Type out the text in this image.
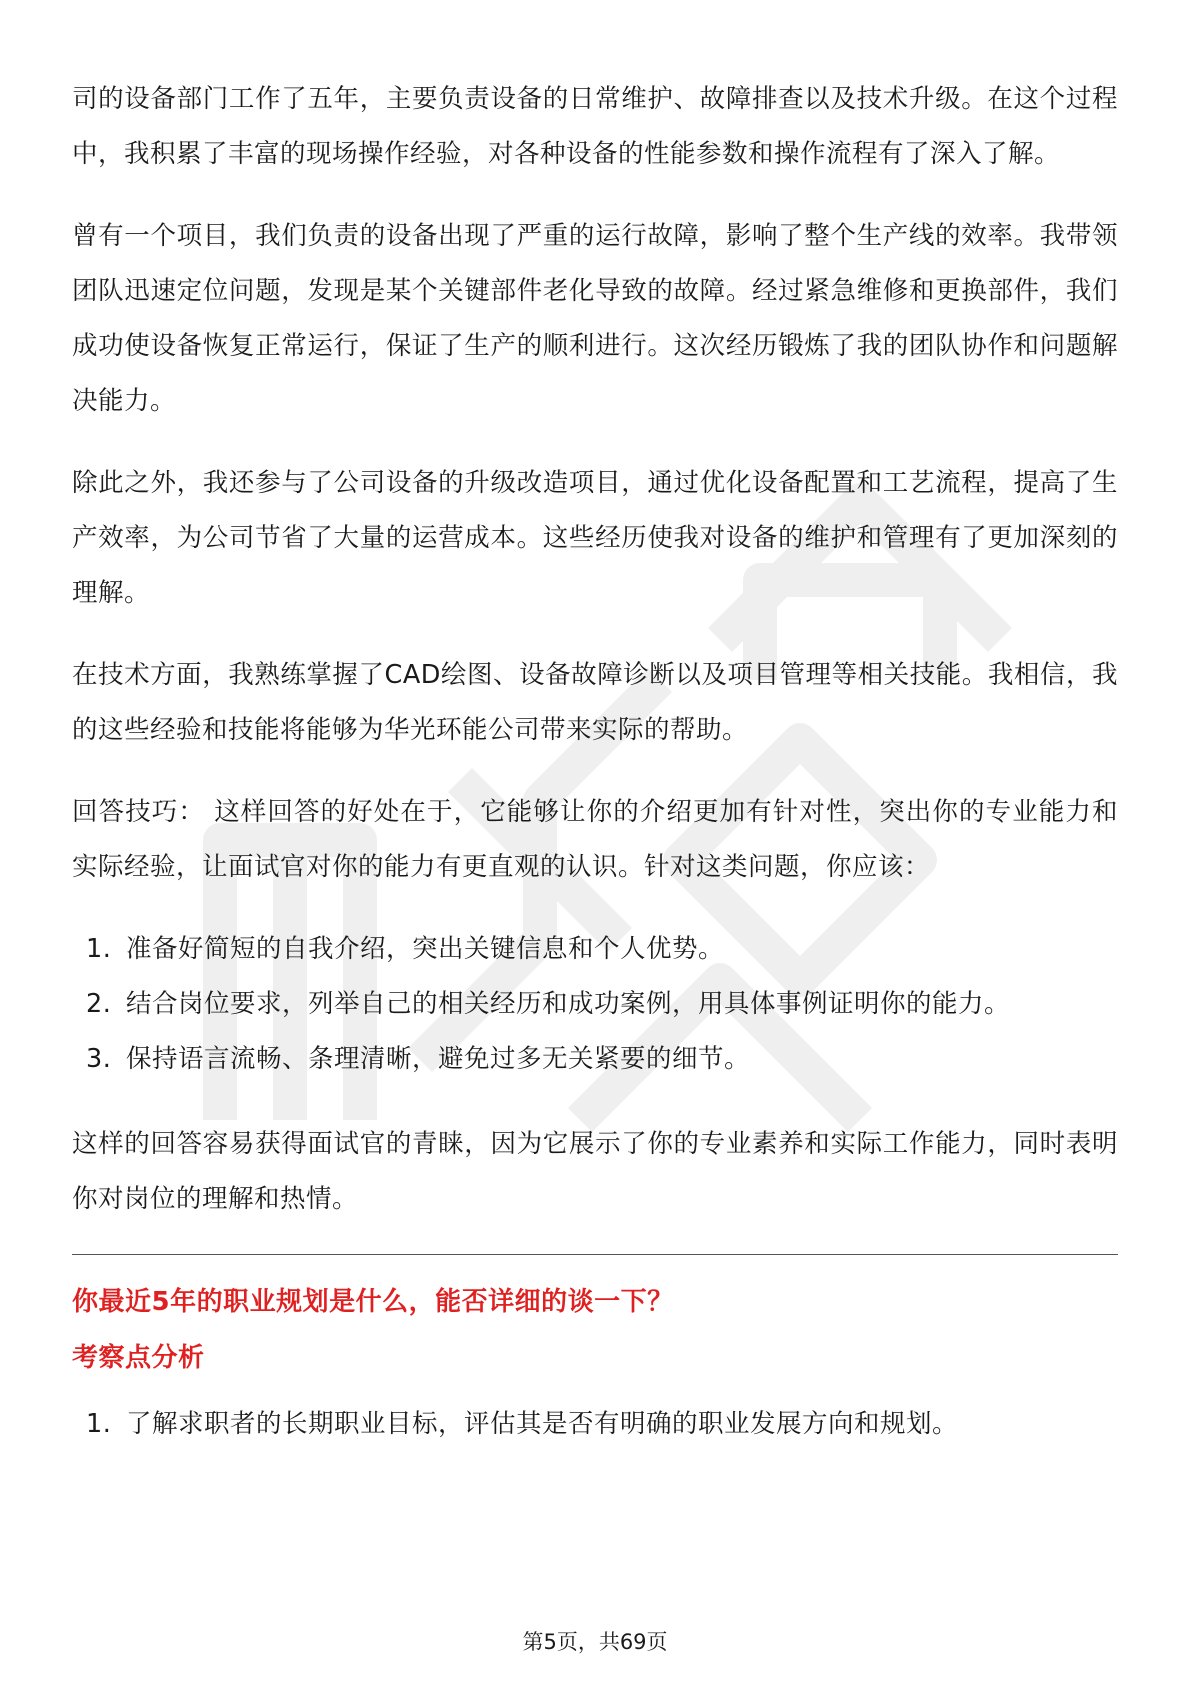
司的设备部门工作了五年，主要负责设备的日常维护、故障排查以及技术升级。在这个过程中，我积累了丰富的现场操作经验，对各种设备的性能参数和操作流程有了深入了解。

曾有一个项目，我们负责的设备出现了严重的运行故障，影响了整个生产线的效率。我带领团队迅速定位问题，发现是某个关键部件老化导致的故障。经过紧急维修和更换部件，我们成功使设备恢复正常运行，保证了生产的顺利进行。这次经历锻炼了我的团队协作和问题解决能力。

除此之外，我还参与了公司设备的升级改造项目，通过优化设备配置和工艺流程，提高了生产效率，为公司节省了大量的运营成本。这些经历使我对设备的维护和管理有了更加深刻的理解。

在技术方面，我熟练掌握了CAD绘图、设备故障诊断以及项目管理等相关技能。我相信，我的这些经验和技能将能够为华光环能公司带来实际的帮助。

回答技巧： 这样回答的好处在于，它能够让你的介绍更加有针对性，突出你的专业能力和实际经验，让面试官对你的能力有更直观的认识。针对这类问题，你应该：

1. 准备好简短的自我介绍，突出关键信息和个人优势。
2. 结合岗位要求，列举自己的相关经历和成功案例，用具体事例证明你的能力。
3. 保持语言流畅、条理清晰，避免过多无关紧要的细节。

这样的回答容易获得面试官的青睐，因为它展示了你的专业素养和实际工作能力，同时表明你对岗位的理解和热情。

你最近5年的职业规划是什么，能否详细的谈一下？

考察点分析

1. 了解求职者的长期职业目标，评估其是否有明确的职业发展方向和规划。
第5页，共69页
